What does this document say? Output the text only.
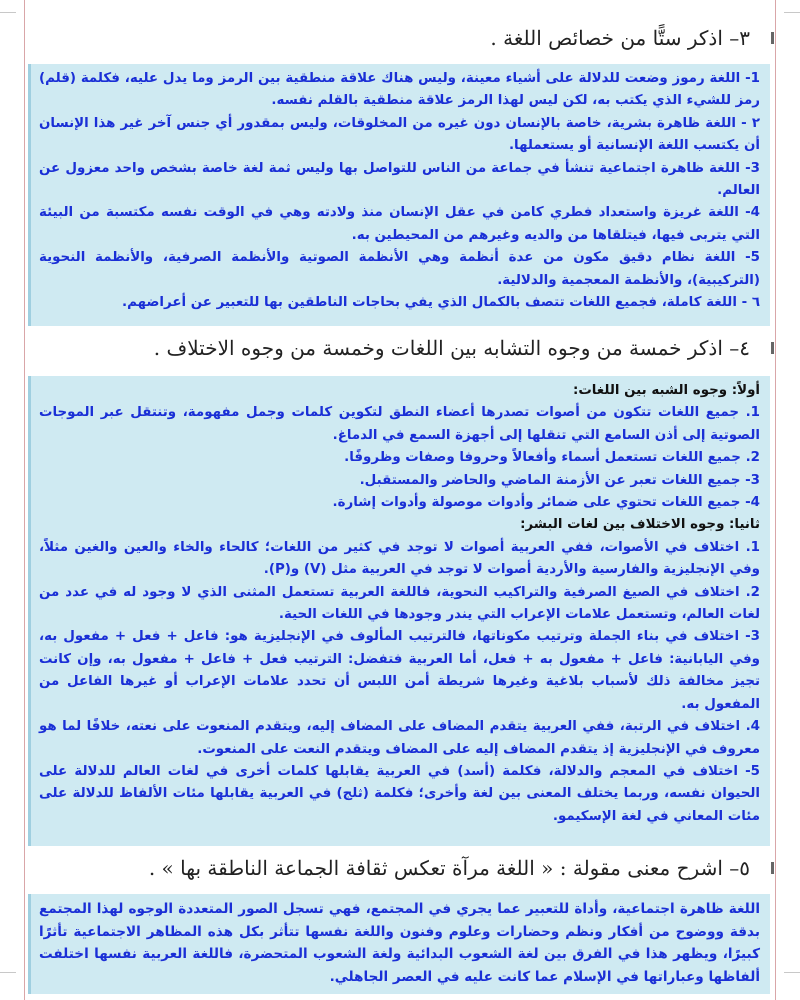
٣– اذكر ستًّا من خصائص اللغة .

1- اللغة رموز وضعت للدلالة على أشياء معينة، وليس هناك علاقة منطقية بين الرمز وما يدل عليه، فكلمة (قلم) رمز للشيء الذي يكتب به، لكن ليس لهذا الرمز علاقة منطقية بالقلم نفسه.

٢ - اللغة ظاهرة بشرية، خاصة بالإنسان دون غيره من المخلوقات، وليس بمقدور أي جنس آخر غير هذا الإنسان أن يكتسب اللغة الإنسانية أو يستعملها.

3- اللغة ظاهرة اجتماعية تنشأ في جماعة من الناس للتواصل بها وليس ثمة لغة خاصة بشخص واحد معزول عن العالم.

4- اللغة غريزة واستعداد فطري كامن في عقل الإنسان منذ ولادته وهي في الوقت نفسه مكتسبة من البيئة التي يتربى فيها، فيتلقاها من والديه وغيرهم من المحيطين به.

5- اللغة نظام دقيق مكون من عدة أنظمة وهي الأنظمة الصوتية والأنظمة الصرفية، والأنظمة النحوية (التركيبية)، والأنظمة المعجمية والدلالية.

٦ - اللغة كاملة، فجميع اللغات تتصف بالكمال الذي يفي بحاجات الناطقين بها للتعبير عن أعراضهم.

٤– اذكر خمسة من وجوه التشابه بين اللغات وخمسة من وجوه الاختلاف .

أولاً: وجوه الشبه بين اللغات:

1. جميع اللغات تتكون من أصوات تصدرها أعضاء النطق لتكوين كلمات وجمل مفهومة، وتنتقل عبر الموجات الصوتية إلى أذن السامع التي تنقلها إلى أجهزة السمع في الدماغ.

2. جميع اللغات تستعمل أسماء وأفعالاً وحروفا وصفات وظروفًا.

3- جميع اللغات تعبر عن الأزمنة الماضي والحاضر والمستقبل.

4- جميع اللغات تحتوي على ضمائر وأدوات موصولة وأدوات إشارة.

ثانيا: وجوه الاختلاف بين لغات البشر:

1. اختلاف في الأصوات، ففي العربية أصوات لا توجد في كثير من اللغات؛ كالحاء والخاء والعين والغين مثلاً، وفي الإنجليزية والفارسية والأردية أصوات لا توجد في العربية مثل (V) و(P).

2. اختلاف في الصيغ الصرفية والتراكيب النحوية، فاللغة العربية تستعمل المثنى الذي لا وجود له في عدد من لغات العالم، وتستعمل علامات الإعراب التي يندر وجودها في اللغات الحية.

3- اختلاف في بناء الجملة وترتيب مكوناتها، فالترتيب المألوف في الإنجليزية هو: فاعل + فعل + مفعول به، وفي اليابانية: فاعل + مفعول به + فعل، أما العربية فتفضل: الترتيب فعل + فاعل + مفعول به، وإن كانت تجيز مخالفة ذلك لأسباب بلاغية وغيرها شريطة أمن اللبس أن تحدد علامات الإعراب أو غيرها الفاعل من المفعول به.

4. اختلاف في الرتبة، ففي العربية يتقدم المضاف على المضاف إليه، ويتقدم المنعوت على نعته، خلافًا لما هو معروف في الإنجليزية إذ يتقدم المضاف إليه على المضاف ويتقدم النعت على المنعوت.

5- اختلاف في المعجم والدلالة، فكلمة (أسد) في العربية يقابلها كلمات أخرى في لغات العالم للدلالة على الحيوان نفسه، وربما يختلف المعنى بين لغة وأخرى؛ فكلمة (ثلج) في العربية يقابلها مئات الألفاظ للدلالة على مئات المعاني في لغة الإسكيمو.

٥– اشرح معنى مقولة : « اللغة مرآة تعكس ثقافة الجماعة الناطقة بها » .

اللغة ظاهرة اجتماعية، وأداة للتعبير عما يجري في المجتمع، فهي تسجل الصور المتعددة الوجوه لهذا المجتمع بدقة ووضوح من أفكار ونظم وحضارات وعلوم وفنون واللغة نفسها تتأثر بكل هذه المظاهر الاجتماعية تأثرًا كبيرًا، ويظهر هذا في الفرق بين لغة الشعوب البدائية ولغة الشعوب المتحضرة، فاللغة العربية نفسها اختلفت ألفاظها وعباراتها في الإسلام عما كانت عليه في العصر الجاهلي.
